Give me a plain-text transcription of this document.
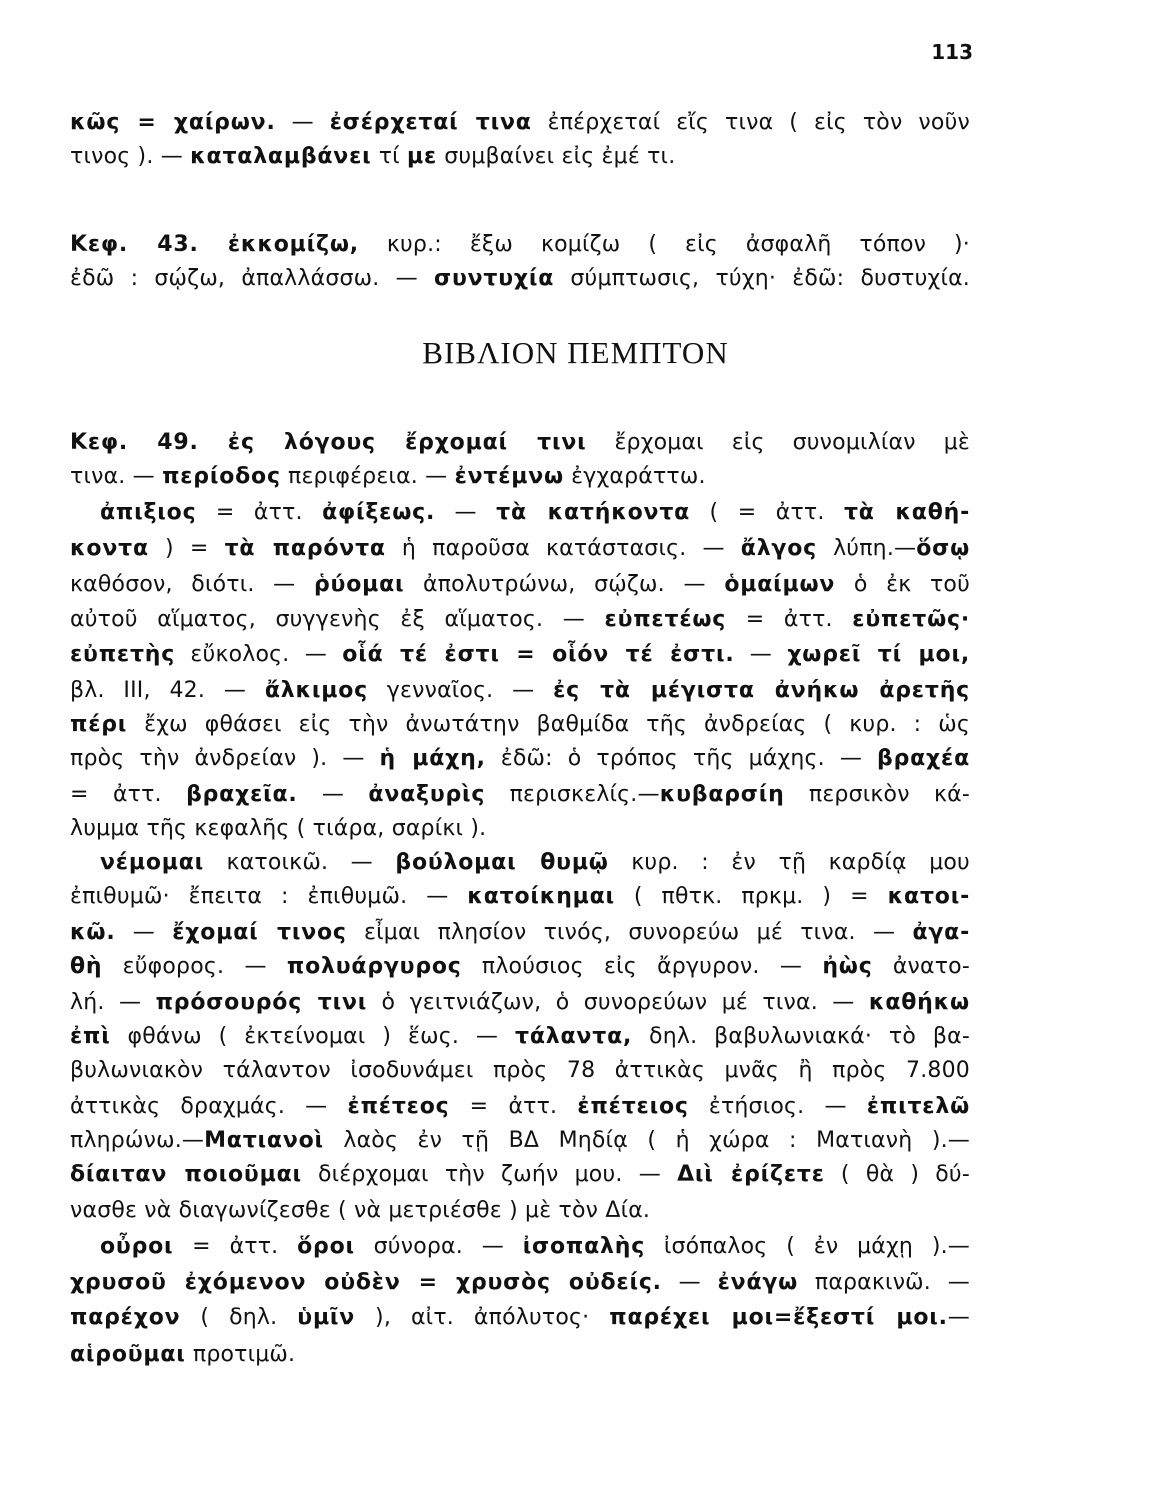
113
ΒΙΒΛΙΟΝ ΠΕΜΠΤΟΝ
κῶς = χαίρων. — ἐσέρχεταί τινα ἐπέρχεταί εἴς τινα ( εἰς τὸν νοῦν
τινος ). — καταλαμβάνει τί με συμβαίνει εἰς ἐμέ τι.
Κεφ. 43. ἐκκομίζω, κυρ.: ἔξω κομίζω ( εἰς ἀσφαλῆ τόπον )·
ἐδῶ : σῴζω, ἀπαλλάσσω. — συντυχία σύμπτωσις, τύχη· ἐδῶ: δυστυχία.
Κεφ. 49. ἐς λόγους ἔρχομαί τινι ἔρχομαι εἰς συνομιλίαν μὲ
τινα. — περίοδος περιφέρεια. — ἐντέμνω ἐγχαράττω.
ἀπιξιος = ἀττ. ἀφίξεως. — τὰ κατήκοντα ( = ἀττ. τὰ καθή-
κοντα ) = τὰ παρόντα ἡ παροῦσα κατάστασις. — ἄλγος λύπη.—ὅσῳ
καθόσον, διότι. — ῥύομαι ἀπολυτρώνω, σῴζω. — ὁμαίμων ὁ ἐκ τοῦ
αὐτοῦ αἵματος, συγγενὴς ἐξ αἵματος. — εὐπετέως = ἀττ. εὐπετῶς·
εὐπετὴς εὔκολος. — οἷά τέ ἐστι = οἷόν τέ ἐστι. — χωρεῖ τί μοι,
βλ. III, 42. — ἄλκιμος γενναῖος. — ἐς τὰ μέγιστα ἀνήκω ἀρετῆς
πέρι ἔχω φθάσει εἰς τὴν ἀνωτάτην βαθμίδα τῆς ἀνδρείας ( κυρ. : ὡς
πρὸς τὴν ἀνδρείαν ). — ἡ μάχη, ἐδῶ: ὁ τρόπος τῆς μάχης. — βραχέα
= ἀττ. βραχεῖα. — ἀναξυρὶς περισκελίς.—κυβαρσίη περσικὸν κά-
λυμμα τῆς κεφαλῆς ( τιάρα, σαρίκι ).
νέμομαι κατοικῶ. — βούλομαι θυμῷ κυρ. : ἐν τῇ καρδίᾳ μου
ἐπιθυμῶ· ἔπειτα : ἐπιθυμῶ. — κατοίκημαι ( πθτκ. πρκμ. ) = κατοι-
κῶ. — ἔχομαί τινος εἶμαι πλησίον τινός, συνορεύω μέ τινα. — ἀγα-
θὴ εὔφορος. — πολυάργυρος πλούσιος εἰς ἄργυρον. — ἠὼς ἀνατο-
λή. — πρόσουρός τινι ὁ γειτνιάζων, ὁ συνορεύων μέ τινα. — καθήκω
ἐπὶ φθάνω ( ἐκτείνομαι ) ἕως. — τάλαντα, δηλ. βαβυλωνιακά· τὸ βα-
βυλωνιακὸν τάλαντον ἰσοδυνάμει πρὸς 78 ἀττικὰς μνᾶς ἢ πρὸς 7.800
ἀττικὰς δραχμάς. — ἐπέτεος = ἀττ. ἐπέτειος ἐτήσιος. — ἐπιτελῶ
πληρώνω.—Ματιανοὶ λαὸς ἐν τῇ ΒΔ Μηδίᾳ ( ἡ χώρα : Ματιανὴ ).—
δίαιταν ποιοῦμαι διέρχομαι τὴν ζωήν μου. — Διὶ ἐρίζετε ( θὰ ) δύ-
νασθε νὰ διαγωνίζεσθε ( νὰ μετριέσθε ) μὲ τὸν Δία.
οὖροι = ἀττ. ὅροι σύνορα. — ἰσοπαλὴς ἰσόπαλος ( ἐν μάχῃ ).—
χρυσοῦ ἐχόμενον οὐδὲν = χρυσὸς οὐδείς. — ἐνάγω παρακινῶ. —
παρέχον ( δηλ. ὑμῖν ), αἰτ. ἀπόλυτος· παρέχει μοι=ἔξεστί μοι.—
αἱροῦμαι προτιμῶ.
